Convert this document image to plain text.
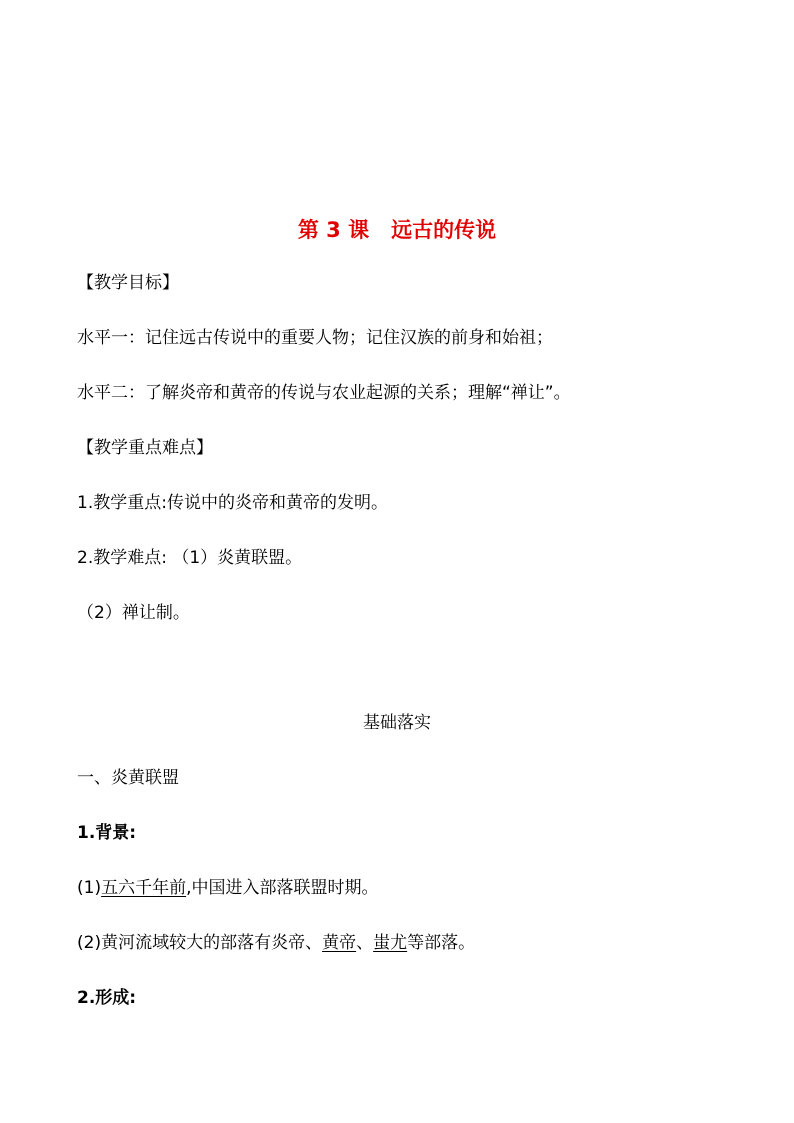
第 3 课 远古的传说
【教学目标】
水平一：记住远古传说中的重要人物；记住汉族的前身和始祖；
水平二：了解炎帝和黄帝的传说与农业起源的关系；理解“禅让”。
【教学重点难点】
1.教学重点:传说中的炎帝和黄帝的发明。
2.教学难点: （1）炎黄联盟。
（2）禅让制。
基础落实
一、炎黄联盟
1.背景:
(1)五六千年前,中国进入部落联盟时期。
(2)黄河流域较大的部落有炎帝、黄帝、蚩尤等部落。
2.形成:
